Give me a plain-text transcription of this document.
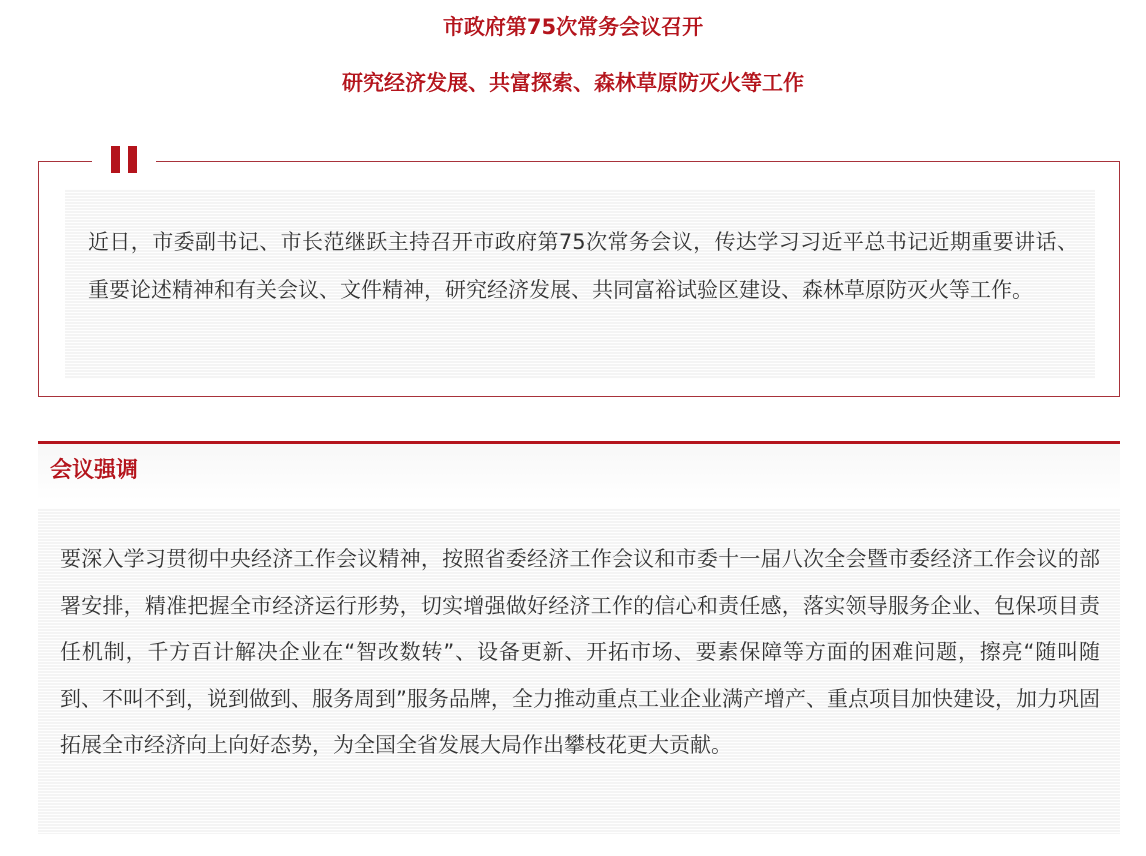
市政府第75次常务会议召开
研究经济发展、共富探索、森林草原防灭火等工作

近日，市委副书记、市长范继跃主持召开市政府第75次常务会议，传达学习习近平总书记近期重要讲话、重要论述精神和有关会议、文件精神，研究经济发展、共同富裕试验区建设、森林草原防灭火等工作。

会议强调

要深入学习贯彻中央经济工作会议精神，按照省委经济工作会议和市委十一届八次全会暨市委经济工作会议的部署安排，精准把握全市经济运行形势，切实增强做好经济工作的信心和责任感，落实领导服务企业、包保项目责任机制，千方百计解决企业在“智改数转”、设备更新、开拓市场、要素保障等方面的困难问题，擦亮“随叫随到、不叫不到，说到做到、服务周到”服务品牌，全力推动重点工业企业满产增产、重点项目加快建设，加力巩固拓展全市经济向上向好态势，为全国全省发展大局作出攀枝花更大贡献。
